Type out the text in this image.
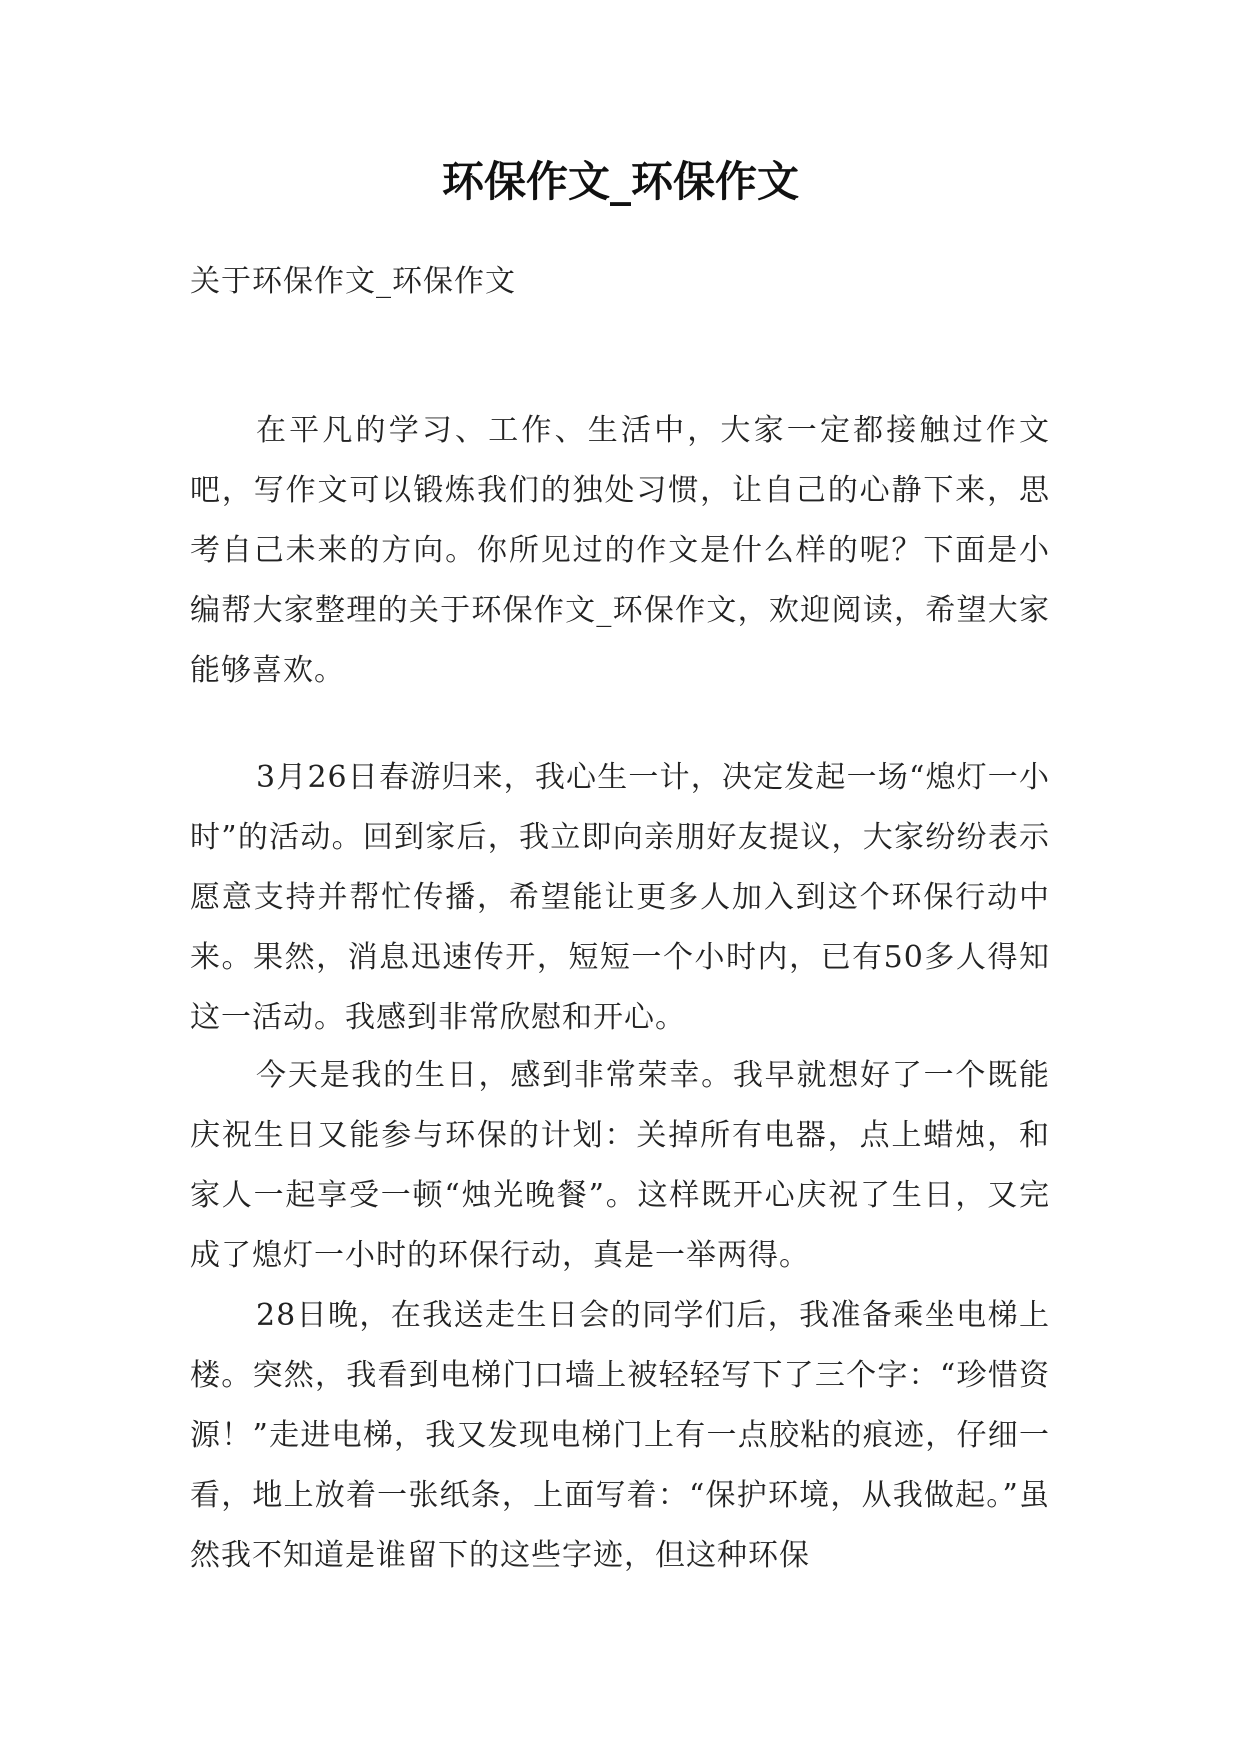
环保作文_环保作文

关于环保作文_环保作文

在平凡的学习、工作、生活中，大家一定都接触过作文吧，写作文可以锻炼我们的独处习惯，让自己的心静下来，思考自己未来的方向。你所见过的作文是什么样的呢？下面是小编帮大家整理的关于环保作文_环保作文，欢迎阅读，希望大家能够喜欢。

3月26日春游归来，我心生一计，决定发起一场“熄灯一小时”的活动。回到家后，我立即向亲朋好友提议，大家纷纷表示愿意支持并帮忙传播，希望能让更多人加入到这个环保行动中来。果然，消息迅速传开，短短一个小时内，已有50多人得知这一活动。我感到非常欣慰和开心。

今天是我的生日，感到非常荣幸。我早就想好了一个既能庆祝生日又能参与环保的计划：关掉所有电器，点上蜡烛，和家人一起享受一顿“烛光晚餐”。这样既开心庆祝了生日，又完成了熄灯一小时的环保行动，真是一举两得。

28日晚，在我送走生日会的同学们后，我准备乘坐电梯上楼。突然，我看到电梯门口墙上被轻轻写下了三个字：“珍惜资源！”走进电梯，我又发现电梯门上有一点胶粘的痕迹，仔细一看，地上放着一张纸条，上面写着：“保护环境，从我做起。”虽然我不知道是谁留下的这些字迹，但这种环保
